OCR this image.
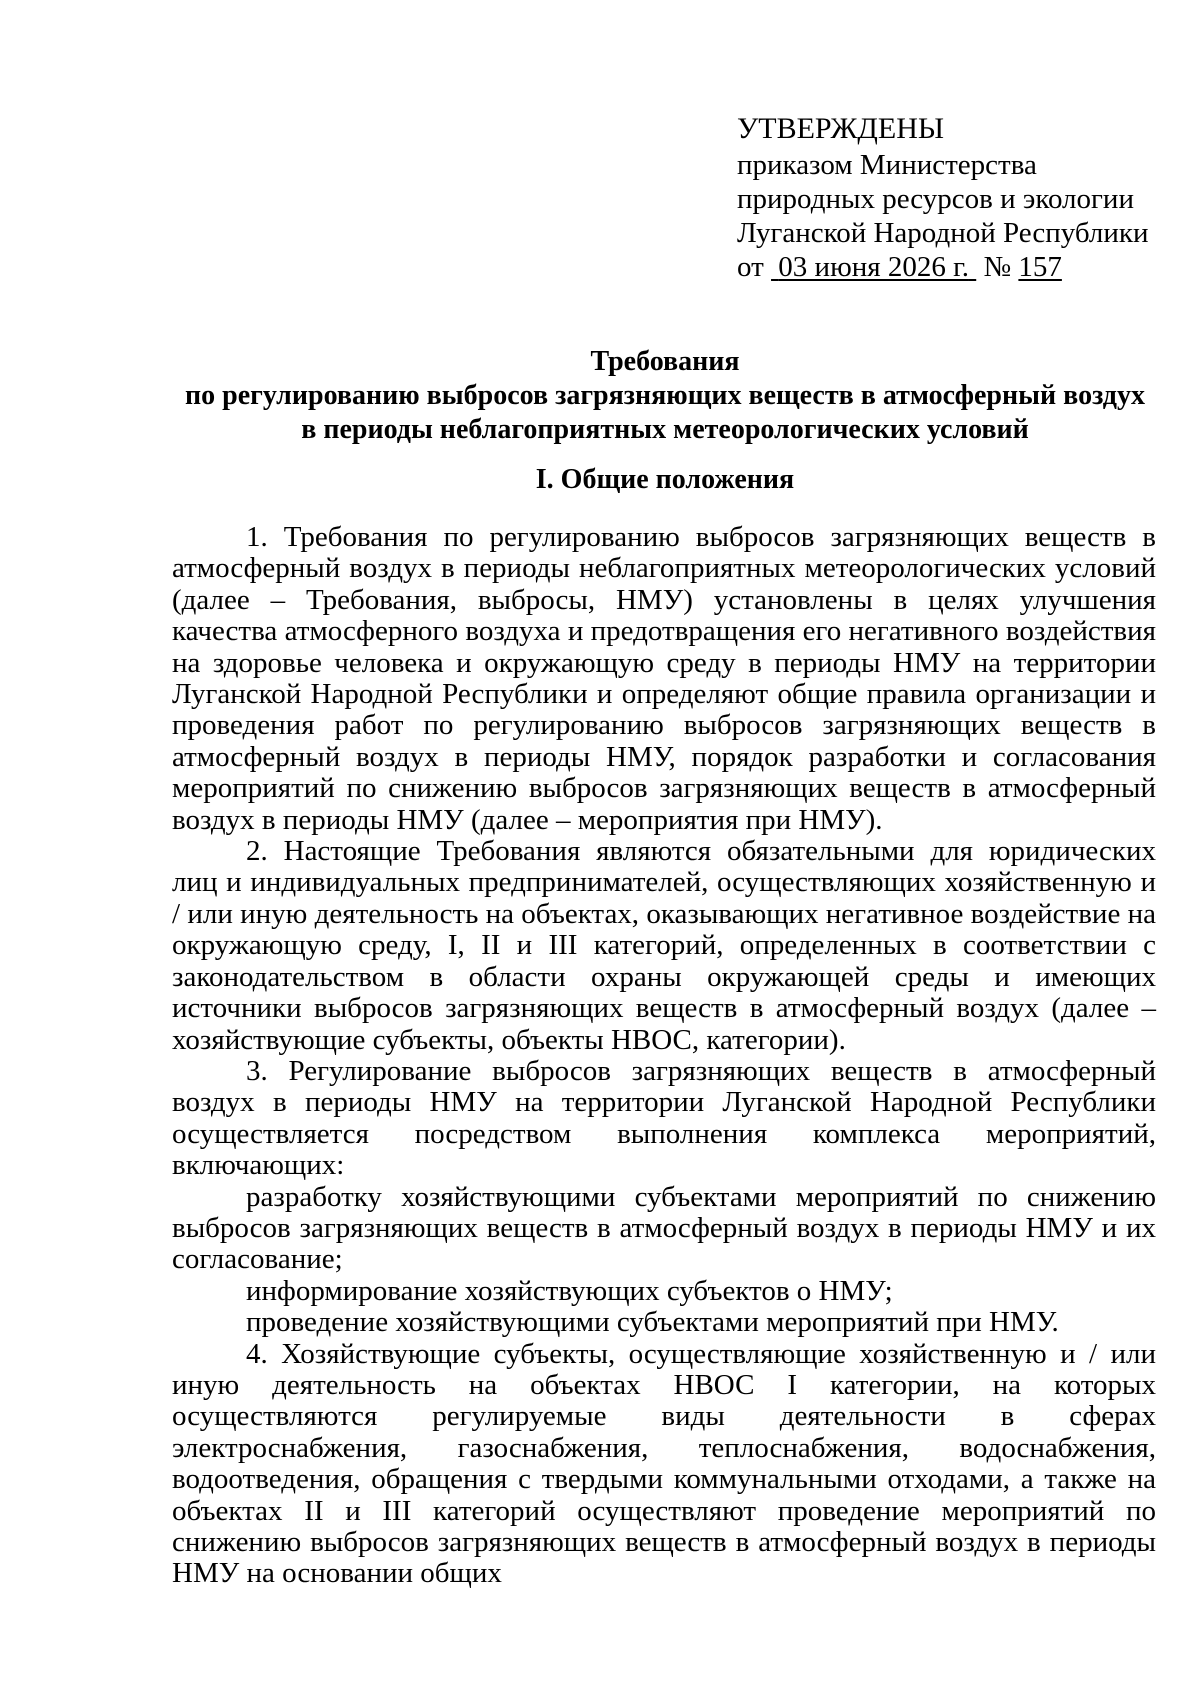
УТВЕРЖДЕНЫ
приказом Министерства
природных ресурсов и экологии
Луганской Народной Республики
от 03 июня 2026 г. № 157
Требования
по регулированию выбросов загрязняющих веществ в атмосферный воздух
в периоды неблагоприятных метеорологических условий
I. Общие положения

1. Требования по регулированию выбросов загрязняющих веществ в атмосферный воздух в периоды неблагоприятных метеорологических условий (далее – Требования, выбросы, НМУ) установлены в целях улучшения качества атмосферного воздуха и предотвращения его негативного воздействия на здоровье человека и окружающую среду в периоды НМУ на территории Луганской Народной Республики и определяют общие правила организации и проведения работ по регулированию выбросов загрязняющих веществ в атмосферный воздух в периоды НМУ, порядок разработки и согласования мероприятий по снижению выбросов загрязняющих веществ в атмосферный воздух в периоды НМУ (далее – мероприятия при НМУ).

2. Настоящие Требования являются обязательными для юридических лиц и индивидуальных предпринимателей, осуществляющих хозяйственную и / или иную деятельность на объектах, оказывающих негативное воздействие на окружающую среду, I, II и III категорий, определенных в соответствии с законодательством в области охраны окружающей среды и имеющих источники выбросов загрязняющих веществ в атмосферный воздух (далее – хозяйствующие субъекты, объекты НВОС, категории).

3. Регулирование выбросов загрязняющих веществ в атмосферный воздух в периоды НМУ на территории Луганской Народной Республики осуществляется посредством выполнения комплекса мероприятий, включающих:

разработку хозяйствующими субъектами мероприятий по снижению выбросов загрязняющих веществ в атмосферный воздух в периоды НМУ и их согласование;

информирование хозяйствующих субъектов о НМУ;

проведение хозяйствующими субъектами мероприятий при НМУ.

4. Хозяйствующие субъекты, осуществляющие хозяйственную и / или иную деятельность на объектах НВОС I категории, на которых осуществляются регулируемые виды деятельности в сферах электроснабжения, газоснабжения, теплоснабжения, водоснабжения, водоотведения, обращения с твердыми коммунальными отходами, а также на объектах II и III категорий осуществляют проведение мероприятий по снижению выбросов загрязняющих веществ в атмосферный воздух в периоды НМУ на основании общих
